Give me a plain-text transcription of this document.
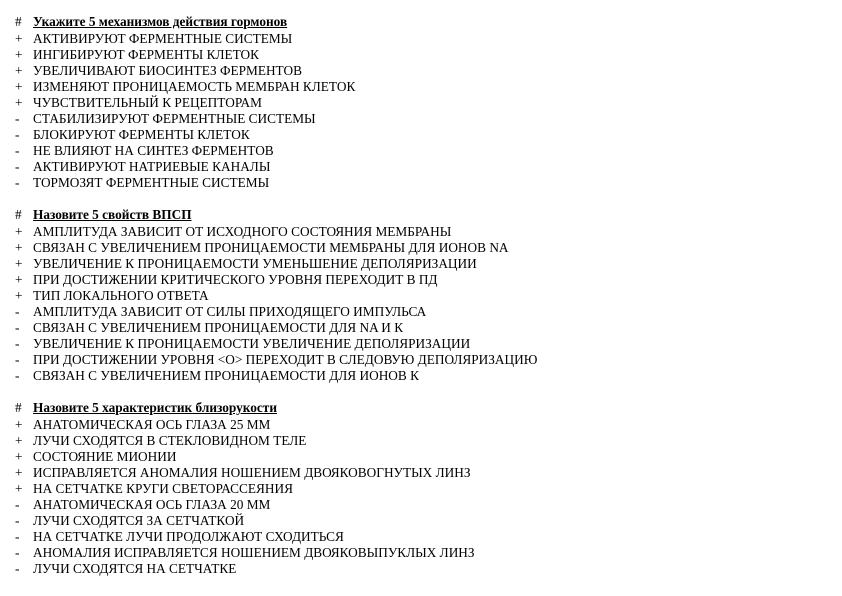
# Укажите 5 механизмов действия гормонов
+ АКТИВИРУЮТ ФЕРМЕНТНЫЕ СИСТЕМЫ
+ ИНГИБИРУЮТ ФЕРМЕНТЫ КЛЕТОК
+ УВЕЛИЧИВАЮТ БИОСИНТЕЗ ФЕРМЕНТОВ
+ ИЗМЕНЯЮТ ПРОНИЦАЕМОСТЬ МЕМБРАН КЛЕТОК
+ ЧУВСТВИТЕЛЬНЫЙ К РЕЦЕПТОРАМ
-	СТАБИЛИЗИРУЮТ ФЕРМЕНТНЫЕ СИСТЕМЫ
-	БЛОКИРУЮТ ФЕРМЕНТЫ КЛЕТОК
-	НЕ ВЛИЯЮТ НА СИНТЕЗ ФЕРМЕНТОВ
-	АКТИВИРУЮТ НАТРИЕВЫЕ КАНАЛЫ
-	ТОРМОЗЯТ ФЕРМЕНТНЫЕ СИСТЕМЫ
# Назовите 5 свойств ВПСП
+ АМПЛИТУДА ЗАВИСИТ ОТ ИСХОДНОГО СОСТОЯНИЯ МЕМБРАНЫ
+ СВЯЗАН С УВЕЛИЧЕНИЕМ ПРОНИЦАЕМОСТИ МЕМБРАНЫ ДЛЯ ИОНОВ NA
+ УВЕЛИЧЕНИЕ К ПРОНИЦАЕМОСТИ УМЕНЬШЕНИЕ ДЕПОЛЯРИЗАЦИИ
+ ПРИ ДОСТИЖЕНИИ КРИТИЧЕСКОГО УРОВНЯ ПЕРЕХОДИТ В ПД
+ ТИП ЛОКАЛЬНОГО ОТВЕТА
-	АМПЛИТУДА ЗАВИСИТ ОТ СИЛЫ ПРИХОДЯЩЕГО ИМПУЛЬСА
-	СВЯЗАН С УВЕЛИЧЕНИЕМ ПРОНИЦАЕМОСТИ ДЛЯ NA И К
-	УВЕЛИЧЕНИЕ К ПРОНИЦАЕМОСТИ УВЕЛИЧЕНИЕ ДЕПОЛЯРИЗАЦИИ
-	ПРИ ДОСТИЖЕНИИ УРОВНЯ <O> ПЕРЕХОДИТ В СЛЕДОВУЮ ДЕПОЛЯРИЗАЦИЮ
-	СВЯЗАН С УВЕЛИЧЕНИЕМ ПРОНИЦАЕМОСТИ ДЛЯ ИОНОВ К
# Назовите 5 характеристик близорукости
+ АНАТОМИЧЕСКАЯ ОСЬ ГЛАЗА 25 ММ
+ ЛУЧИ СХОДЯТСЯ В СТЕКЛОВИДНОМ ТЕЛЕ
+ СОСТОЯНИЕ МИОНИИ
+ ИСПРАВЛЯЕТСЯ АНОМАЛИЯ НОШЕНИЕМ ДВОЯКОВОГНУТЫХ ЛИНЗ
+ НА СЕТЧАТКЕ КРУГИ СВЕТОРАССЕЯНИЯ
-	АНАТОМИЧЕСКАЯ ОСЬ ГЛАЗА 20 ММ
-	ЛУЧИ СХОДЯТСЯ ЗА СЕТЧАТКОЙ
-	НА СЕТЧАТКЕ ЛУЧИ ПРОДОЛЖАЮТ СХОДИТЬСЯ
-	АНОМАЛИЯ ИСПРАВЛЯЕТСЯ НОШЕНИЕМ ДВОЯКОВЫПУКЛЫХ ЛИНЗ
-	ЛУЧИ СХОДЯТСЯ НА СЕТЧАТКЕ
